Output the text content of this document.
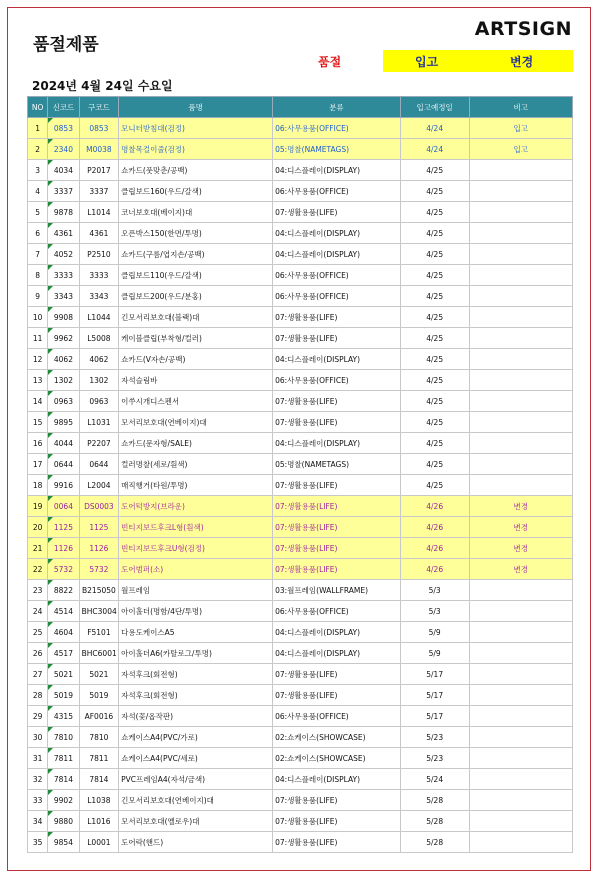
품절제품
ARTSIGN
품절	입고	변경
2024년 4월 24일 수요일
NO	신코드	구코드	품명	분류	입고예정일	비고
1	0853	0853	모니터받침대(검정)	06:사무용품(OFFICE)	4/24	입고
2	2340	M0038	명찰목걸이줄(검정)	05:명찰(NAMETAGS)	4/24	입고
3	4034	P2017	쇼카드(풋맞춘/공백)	04:디스플레이(DISPLAY)	4/25	
4	3337	3337	클립보드160(우드/갈색)	06:사무용품(OFFICE)	4/25	
5	9878	L1014	코너보호대(베이지)대	07:생활용품(LIFE)	4/25	
6	4361	4361	오픈박스150(한면/투명)	04:디스플레이(DISPLAY)	4/25	
7	4052	P2510	쇼카드(구름/엽지손/공백)	04:디스플레이(DISPLAY)	4/25	
8	3333	3333	클립보드110(우드/갈색)	06:사무용품(OFFICE)	4/25	
9	3343	3343	클립보드200(우드/분홍)	06:사무용품(OFFICE)	4/25	
10	9908	L1044	긴모서리보호대(블랙)대	07:생활용품(LIFE)	4/25	
11	9962	L5008	케이블클립(부착형/컬러)	07:생활용품(LIFE)	4/25	
12	4062	4062	쇼카드(V자손/공백)	04:디스플레이(DISPLAY)	4/25	
13	1302	1302	자석슬림바	06:사무용품(OFFICE)	4/25	
14	0963	0963	이쑤시개디스펜서	07:생활용품(LIFE)	4/25	
15	9895	L1031	모서리보호대(연베이지)대	07:생활용품(LIFE)	4/25	
16	4044	P2207	쇼카드(문자형/SALE)	04:디스플레이(DISPLAY)	4/25	
17	0644	0644	컬러명찰(세로/흰색)	05:명찰(NAMETAGS)	4/25	
18	9916	L2004	매직행거(타원/투명)	07:생활용품(LIFE)	4/25	
19	0064	DS0003	도어턱방지(브라운)	07:생활용품(LIFE)	4/26	변경
20	1125	1125	빈티지보드후크L형(흰색)	07:생활용품(LIFE)	4/26	변경
21	1126	1126	빈티지보드후크U형(검정)	07:생활용품(LIFE)	4/26	변경
22	5732	5732	도어범퍼(소)	07:생활용품(LIFE)	4/26	변경
23	8822	B215050	월프레임	03:월프레임(WALLFRAME)	5/3	
24	4514	BHC3004	아이홀더(명함/4단/투명)	06:사무용품(OFFICE)	5/3	
25	4604	F5101	다용도케이스A5	04:디스플레이(DISPLAY)	5/9	
26	4517	BHC6001	아이홀더A6(카탈로그/투명)	04:디스플레이(DISPLAY)	5/9	
27	5021	5021	자석후크(회전형)	07:생활용품(LIFE)	5/17	
28	5019	5019	자석후크(회전형)	07:생활용품(LIFE)	5/17	
29	4315	AF0016	자석(꽃/옵작판)	06:사무용품(OFFICE)	5/17	
30	7810	7810	쇼케이스A4(PVC/가로)	02:쇼케이스(SHOWCASE)	5/23	
31	7811	7811	쇼케이스A4(PVC/세로)	02:쇼케이스(SHOWCASE)	5/23	
32	7814	7814	PVC프레임A4(자석/금색)	04:디스플레이(DISPLAY)	5/24	
33	9902	L1038	긴모서리보호대(연베이지)대	07:생활용품(LIFE)	5/28	
34	9880	L1016	모서리보호대(옐로우)대	07:생활용품(LIFE)	5/28	
35	9854	L0001	도어락(핸드)	07:생활용품(LIFE)	5/28	
